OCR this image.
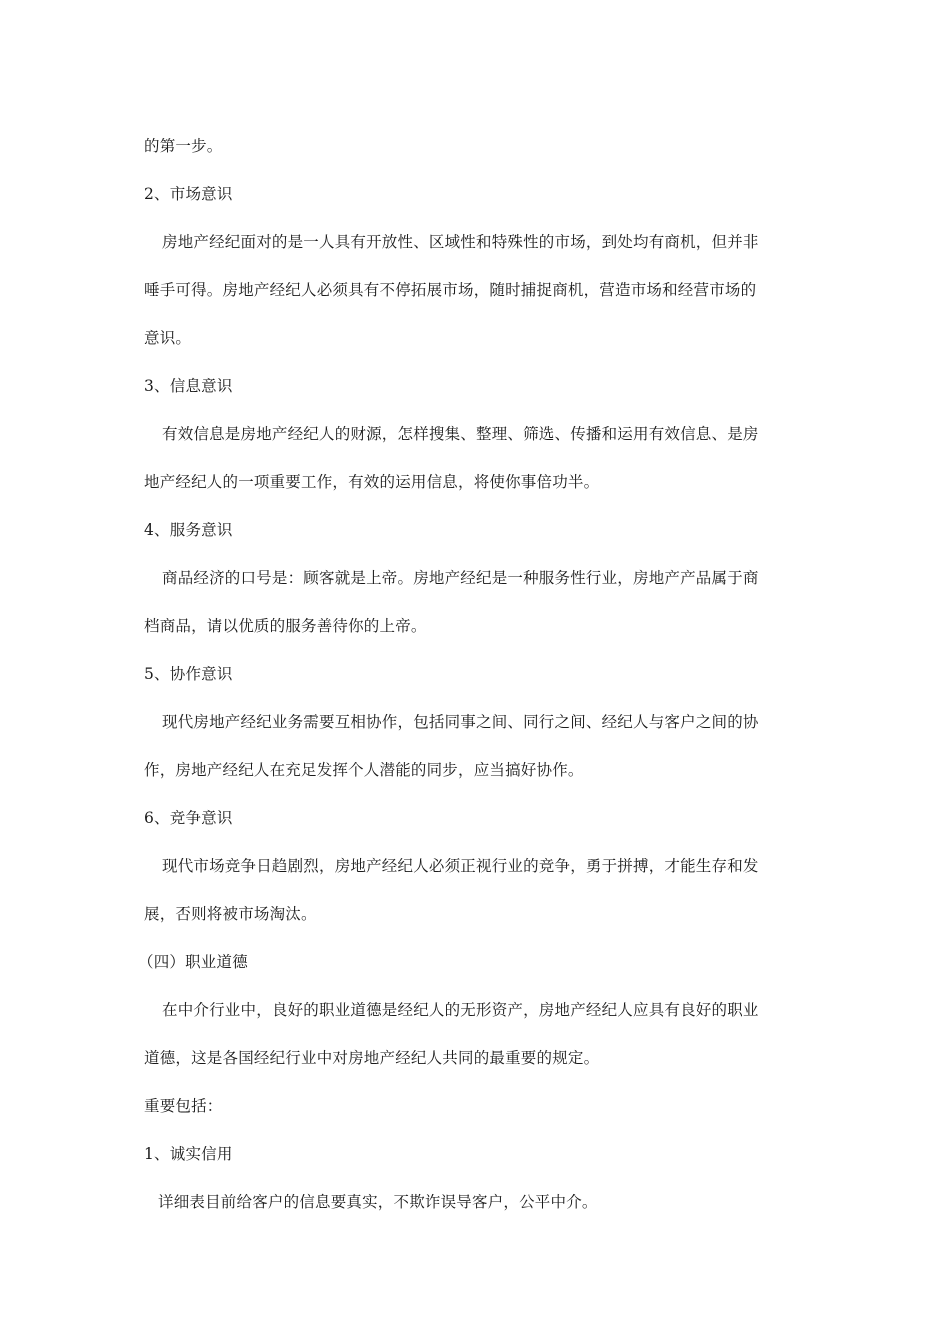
的第一步。
2、市场意识
房地产经纪面对的是一人具有开放性、区域性和特殊性的市场，到处均有商机，但并非
唾手可得。房地产经纪人必须具有不停拓展市场，随时捕捉商机，营造市场和经营市场的
意识。
3、信息意识
有效信息是房地产经纪人的财源，怎样搜集、整理、筛选、传播和运用有效信息、是房
地产经纪人的一项重要工作，有效的运用信息，将使你事倍功半。
4、服务意识
商品经济的口号是：顾客就是上帝。房地产经纪是一种服务性行业，房地产产品属于商
档商品，请以优质的服务善待你的上帝。
5、协作意识
现代房地产经纪业务需要互相协作，包括同事之间、同行之间、经纪人与客户之间的协
作，房地产经纪人在充足发挥个人潜能的同步，应当搞好协作。
6、竞争意识
现代市场竞争日趋剧烈，房地产经纪人必须正视行业的竞争，勇于拼搏，才能生存和发
展，否则将被市场淘汰。
（四）职业道德
在中介行业中，良好的职业道德是经纪人的无形资产，房地产经纪人应具有良好的职业
道德，这是各国经纪行业中对房地产经纪人共同的最重要的规定。
重要包括：
1、诚实信用
详细表目前给客户的信息要真实，不欺诈误导客户，公平中介。
